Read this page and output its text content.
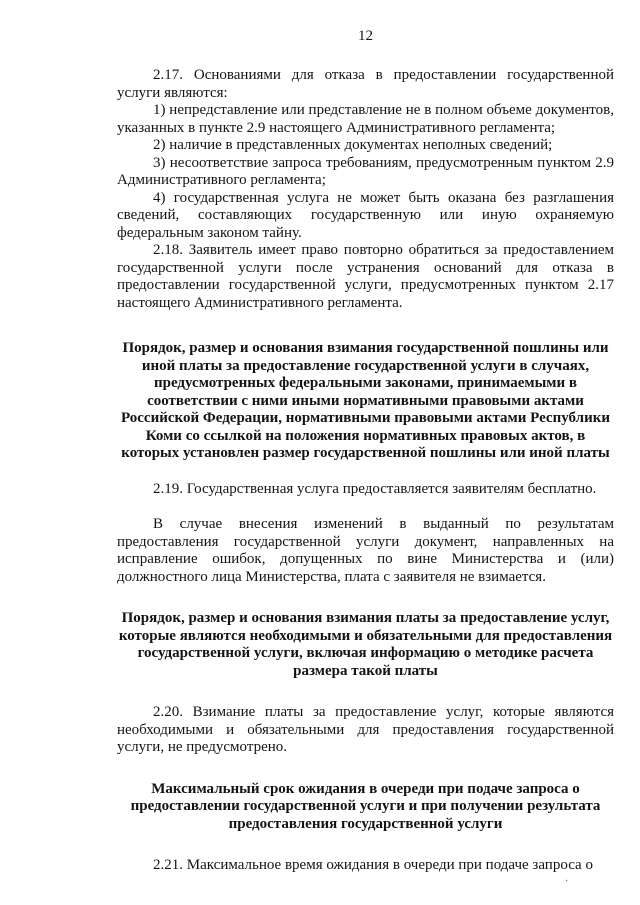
12

2.17. Основаниями для отказа в предоставлении государственной услуги являются:

1) непредставление или представление не в полном объеме документов, указанных в пункте 2.9 настоящего Административного регламента;

2) наличие в представленных документах неполных сведений;

3) несоответствие запроса требованиям, предусмотренным пунктом 2.9 Административного регламента;

4) государственная услуга не может быть оказана без разглашения сведений, составляющих государственную или иную охраняемую федеральным законом тайну.

2.18. Заявитель имеет право повторно обратиться за предоставлением государственной услуги после устранения оснований для отказа в предоставлении государственной услуги, предусмотренных пунктом 2.17 настоящего Административного регламента.

Порядок, размер и основания взимания государственной пошлины или иной платы за предоставление государственной услуги в случаях, предусмотренных федеральными законами, принимаемыми в соответствии с ними иными нормативными правовыми актами Российской Федерации, нормативными правовыми актами Республики Коми со ссылкой на положения нормативных правовых актов, в которых установлен размер государственной пошлины или иной платы

2.19. Государственная услуга предоставляется заявителям бесплатно.

В случае внесения изменений в выданный по результатам предоставления государственной услуги документ, направленных на исправление ошибок, допущенных по вине Министерства и (или) должностного лица Министерства, плата с заявителя не взимается.

Порядок, размер и основания взимания платы за предоставление услуг, которые являются необходимыми и обязательными для предоставления государственной услуги, включая информацию о методике расчета размера такой платы

2.20. Взимание платы за предоставление услуг, которые являются необходимыми и обязательными для предоставления государственной услуги, не предусмотрено.

Максимальный срок ожидания в очереди при подаче запроса о предоставлении государственной услуги и при получении результата предоставления государственной услуги

2.21. Максимальное время ожидания в очереди при подаче запроса о

·
